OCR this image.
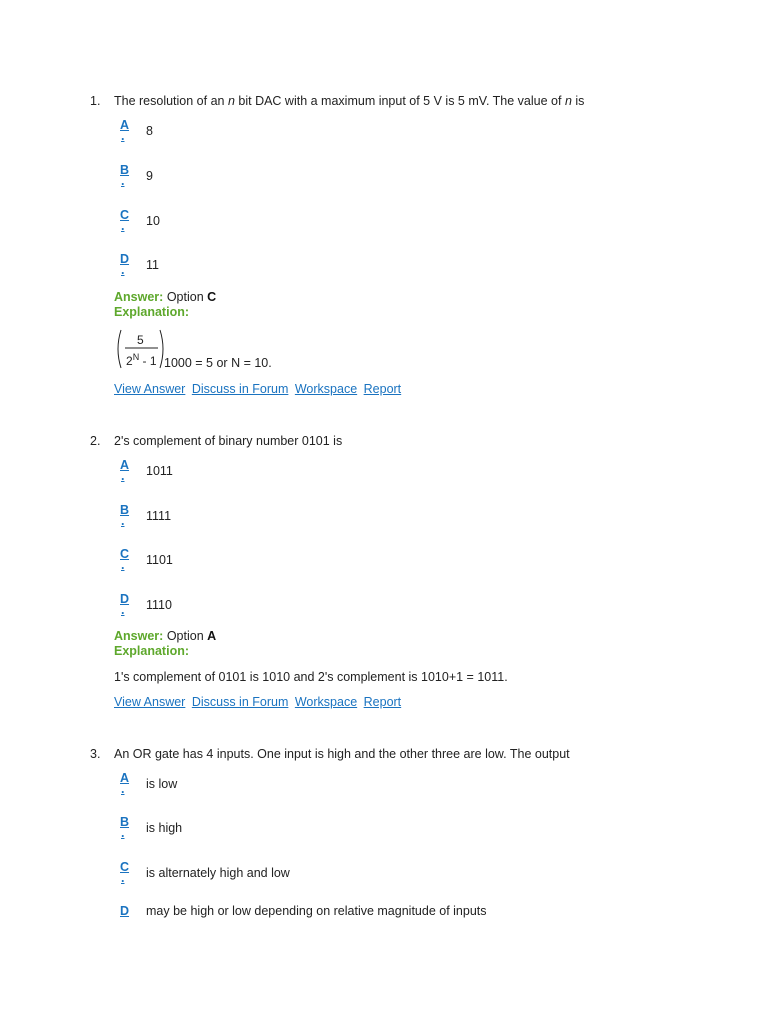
1. The resolution of an n bit DAC with a maximum input of 5 V is 5 mV. The value of n is
A
. 8
B
. 9
C
. 10
D
. 11
Answer: Option C
Explanation:
5
$2^N - 1$ 1000 = 5 or N = 10.
View Answer Discuss in Forum Workspace Report
2. 2's complement of binary number 0101 is
A
. 1011
B
. 1111
C
. 1101
D
. 1110
Answer: Option A
Explanation:
1's complement of 0101 is 1010 and 2's complement is 1010+1 = 1011.
View Answer Discuss in Forum Workspace Report
3. An OR gate has 4 inputs. One input is high and the other three are low. The output
A
. is low
B
. is high
C
. is alternately high and low
D may be high or low depending on relative magnitude of inputs
